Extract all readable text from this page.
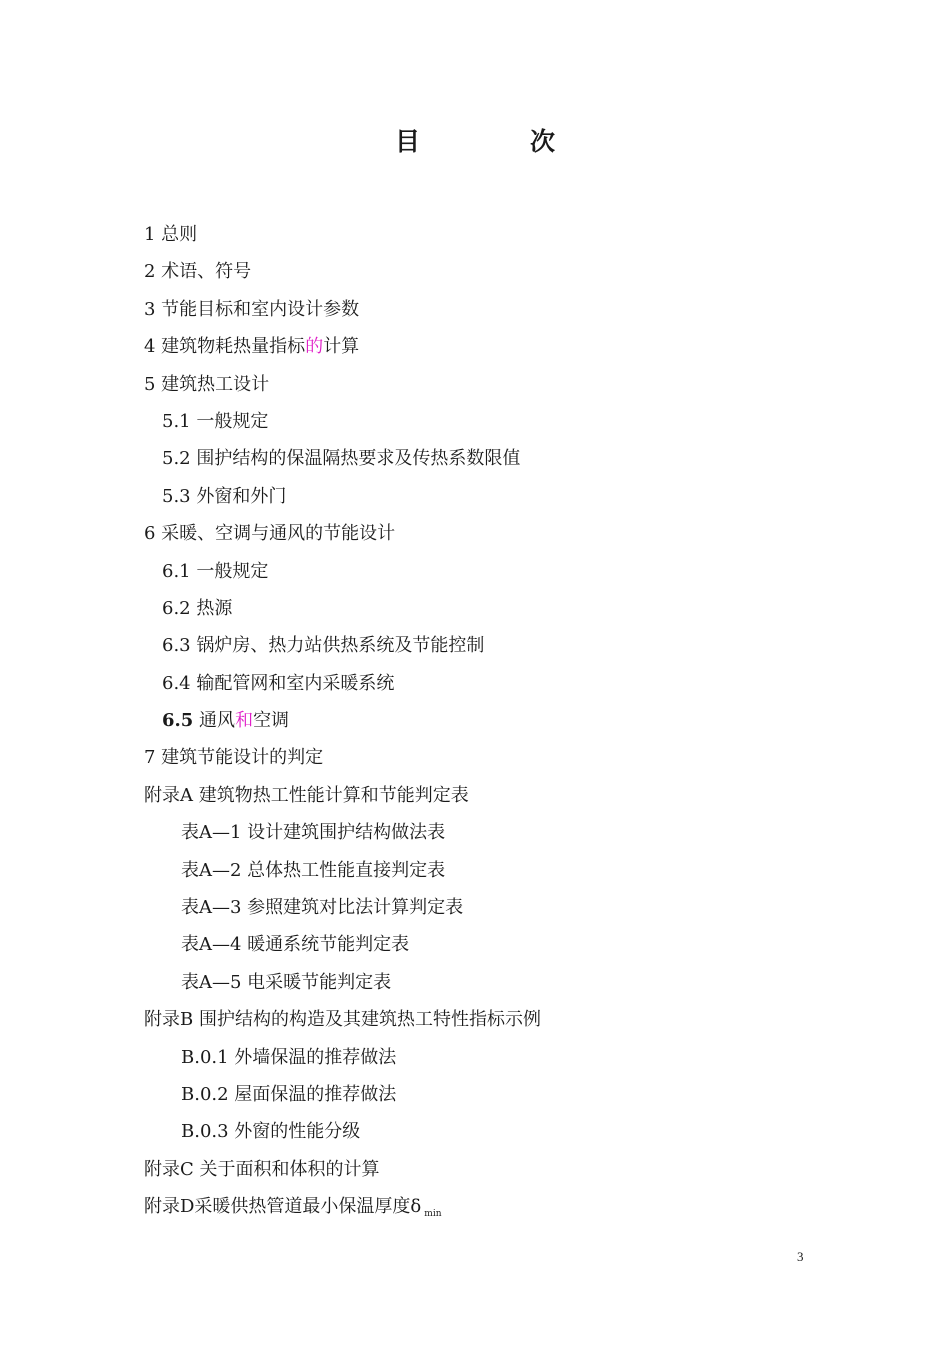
目	次
1 总则
2 术语、符号
3 节能目标和室内设计参数
4 建筑物耗热量指标的计算
5 建筑热工设计
5.1 一般规定
5.2 围护结构的保温隔热要求及传热系数限值
5.3 外窗和外门
6 采暖、空调与通风的节能设计
6.1 一般规定
6.2 热源
6.3 锅炉房、热力站供热系统及节能控制
6.4 输配管网和室内采暖系统
6.5 通风和空调
7 建筑节能设计的判定
附录A 建筑物热工性能计算和节能判定表
表A—1 设计建筑围护结构做法表
表A—2 总体热工性能直接判定表
表A—3 参照建筑对比法计算判定表
表A—4 暖通系统节能判定表
表A—5 电采暖节能判定表
附录B 围护结构的构造及其建筑热工特性指标示例
B.0.1 外墙保温的推荐做法
B.0.2 屋面保温的推荐做法
B.0.3 外窗的性能分级
附录C 关于面积和体积的计算
附录D采暖供热管道最小保温厚度δ $_{min}$
3
